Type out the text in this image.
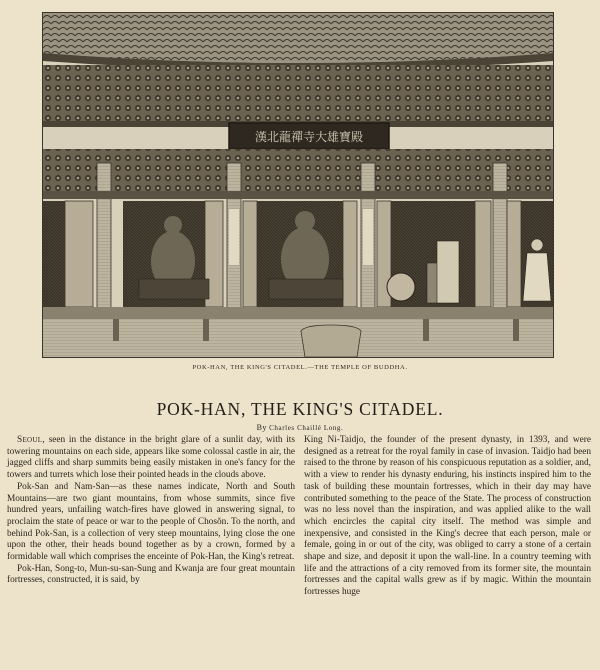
漢北蘢禪寺大雄寶殿
POK-HAN, THE KING'S CITADEL.—THE TEMPLE OF BUDDHA.
POK-HAN, THE KING'S CITADEL.
By Charles Chaillé Long.

Seoul, seen in the distance in the bright glare of a sunlit day, with its towering mountains on each side, appears like some colossal castle in air, the jagged cliffs and sharp summits being easily mistaken in one's fancy for the towers and turrets which lose their pointed heads in the clouds above.

Pok-San and Nam-San—as these names indicate, North and South Mountains—are two giant mountains, from whose summits, since five hundred years, unfailing watch-fires have glowed in answering signal, to proclaim the state of peace or war to the people of Chosŏn. To the north, and behind Pok-San, is a collection of very steep mountains, lying close the one upon the other, their heads bound together as by a crown, formed by a formidable wall which comprises the enceinte of Pok-Han, the King's retreat.

Pok-Han, Song-to, Mun-su-san-Sung and Kwanja are four great mountain fortresses, constructed, it is said, by

King Ni-Taidjo, the founder of the present dynasty, in 1393, and were designed as a retreat for the royal family in case of invasion. Taidjo had been raised to the throne by reason of his conspicuous reputation as a soldier, and, with a view to render his dynasty enduring, his instincts inspired him to the task of building these mountain fortresses, which in their day may have contributed something to the peace of the State. The process of construction was no less novel than the inspiration, and was applied alike to the wall which encircles the capital city itself. The method was simple and inexpensive, and consisted in the King's decree that each person, male or female, going in or out of the city, was obliged to carry a stone of a certain shape and size, and deposit it upon the wall-line. In a country teeming with life and the attractions of a city removed from its former site, the mountain fortresses and the capital walls grew as if by magic. Within the mountain fortresses huge
